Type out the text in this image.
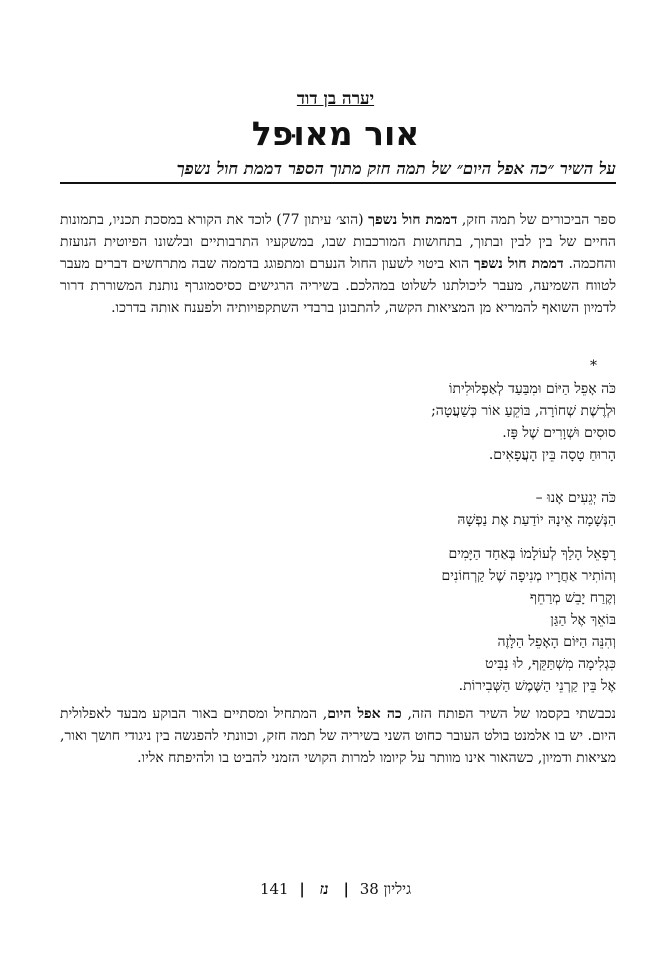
יערה בן דוד
אור מאוּפל
על השיר ״כה אפל היום״ של תמה חזק מתוך הספר דממת חול נשפך
ספר הביכורים של תמה חזק, דממת חול נשפך (הוצ׳ עיתון 77) לוכד את הקורא במסכת תכניו, בתמונות החיים של בין לבין ובתוך, בתחושות המורכבות שבו, במשקעיו התרבותיים ובלשונו הפיוטית הנועזת והחכמה. דממת חול נשפך הוא ביטוי לשעון החול הנערם ומתפוגג בדממה שבה מתרחשים דברים מעבר לטווח השמיעה, מעבר ליכולתנו לשלוט במהלכם. בשיריה הרגישים כסיסמוגרף נותנת המשוררת דרור לדמיון השואף להמריא מן המציאות הקשה, להתבונן ברבדי השתקפויותיה ולפענח אותה בדרכו.
*
כֹּה אָפֵל הַיּוֹם וּמִבַּעַד לְאַפְלוּלִיתוֹ
וּלְרֶשֶׁת שְׁחוֹרָה, בּוֹקֵעַ אוֹר כְּשַׁעֲטָה;
סוּסִים וּשְׁוָרִים שֶׁל פָּז.
הָרוּחַ טָסָה בֵּין הָעֲפָאִים.
כֹּה יְגֵעִים אָנוּ –
הַנְּשָׁמָה אֵינָהּ יוֹדַעַת אֶת נַפְשָׁהּ
רָפָאֵל הָלַךְ לְעוֹלָמוֹ בְּאַחַד הַיָּמִים
וְהוֹתִיר אַחֲרָיו מְנִיפָה שֶׁל קַרְחוֹנִים
וְקֶרַח יָבֵשׁ מְרַחֵף
בּוֹאֵךְ אֶל הַגַּן
וְהִנֵּה הַיּוֹם הָאָפֵל הַלָּזֶה
כִּגְלִימָה מִשְׁתַּקֵּף, לוּ נַבִּיט
אֶל בֵּין קַרְנֵי הַשֶּׁמֶשׁ הַשְּׁבִירוֹת.
נכבשתי בקסמו של השיר הפותח הזה, כה אפל היום, המתחיל ומסתיים באור הבוקע מבעד לאפלולית היום. יש בו אלמנט בולט העובר כחוט השני בשיריה של תמה חזק, וכוונתי להפגשה בין ניגודי חושך ואור, מציאות ודמיון, כשהאור אינו מוותר על קיומו למרות הקושי הזמני להביט בו ולהיפתח אליו.
גיליון 38 | נז | 141
